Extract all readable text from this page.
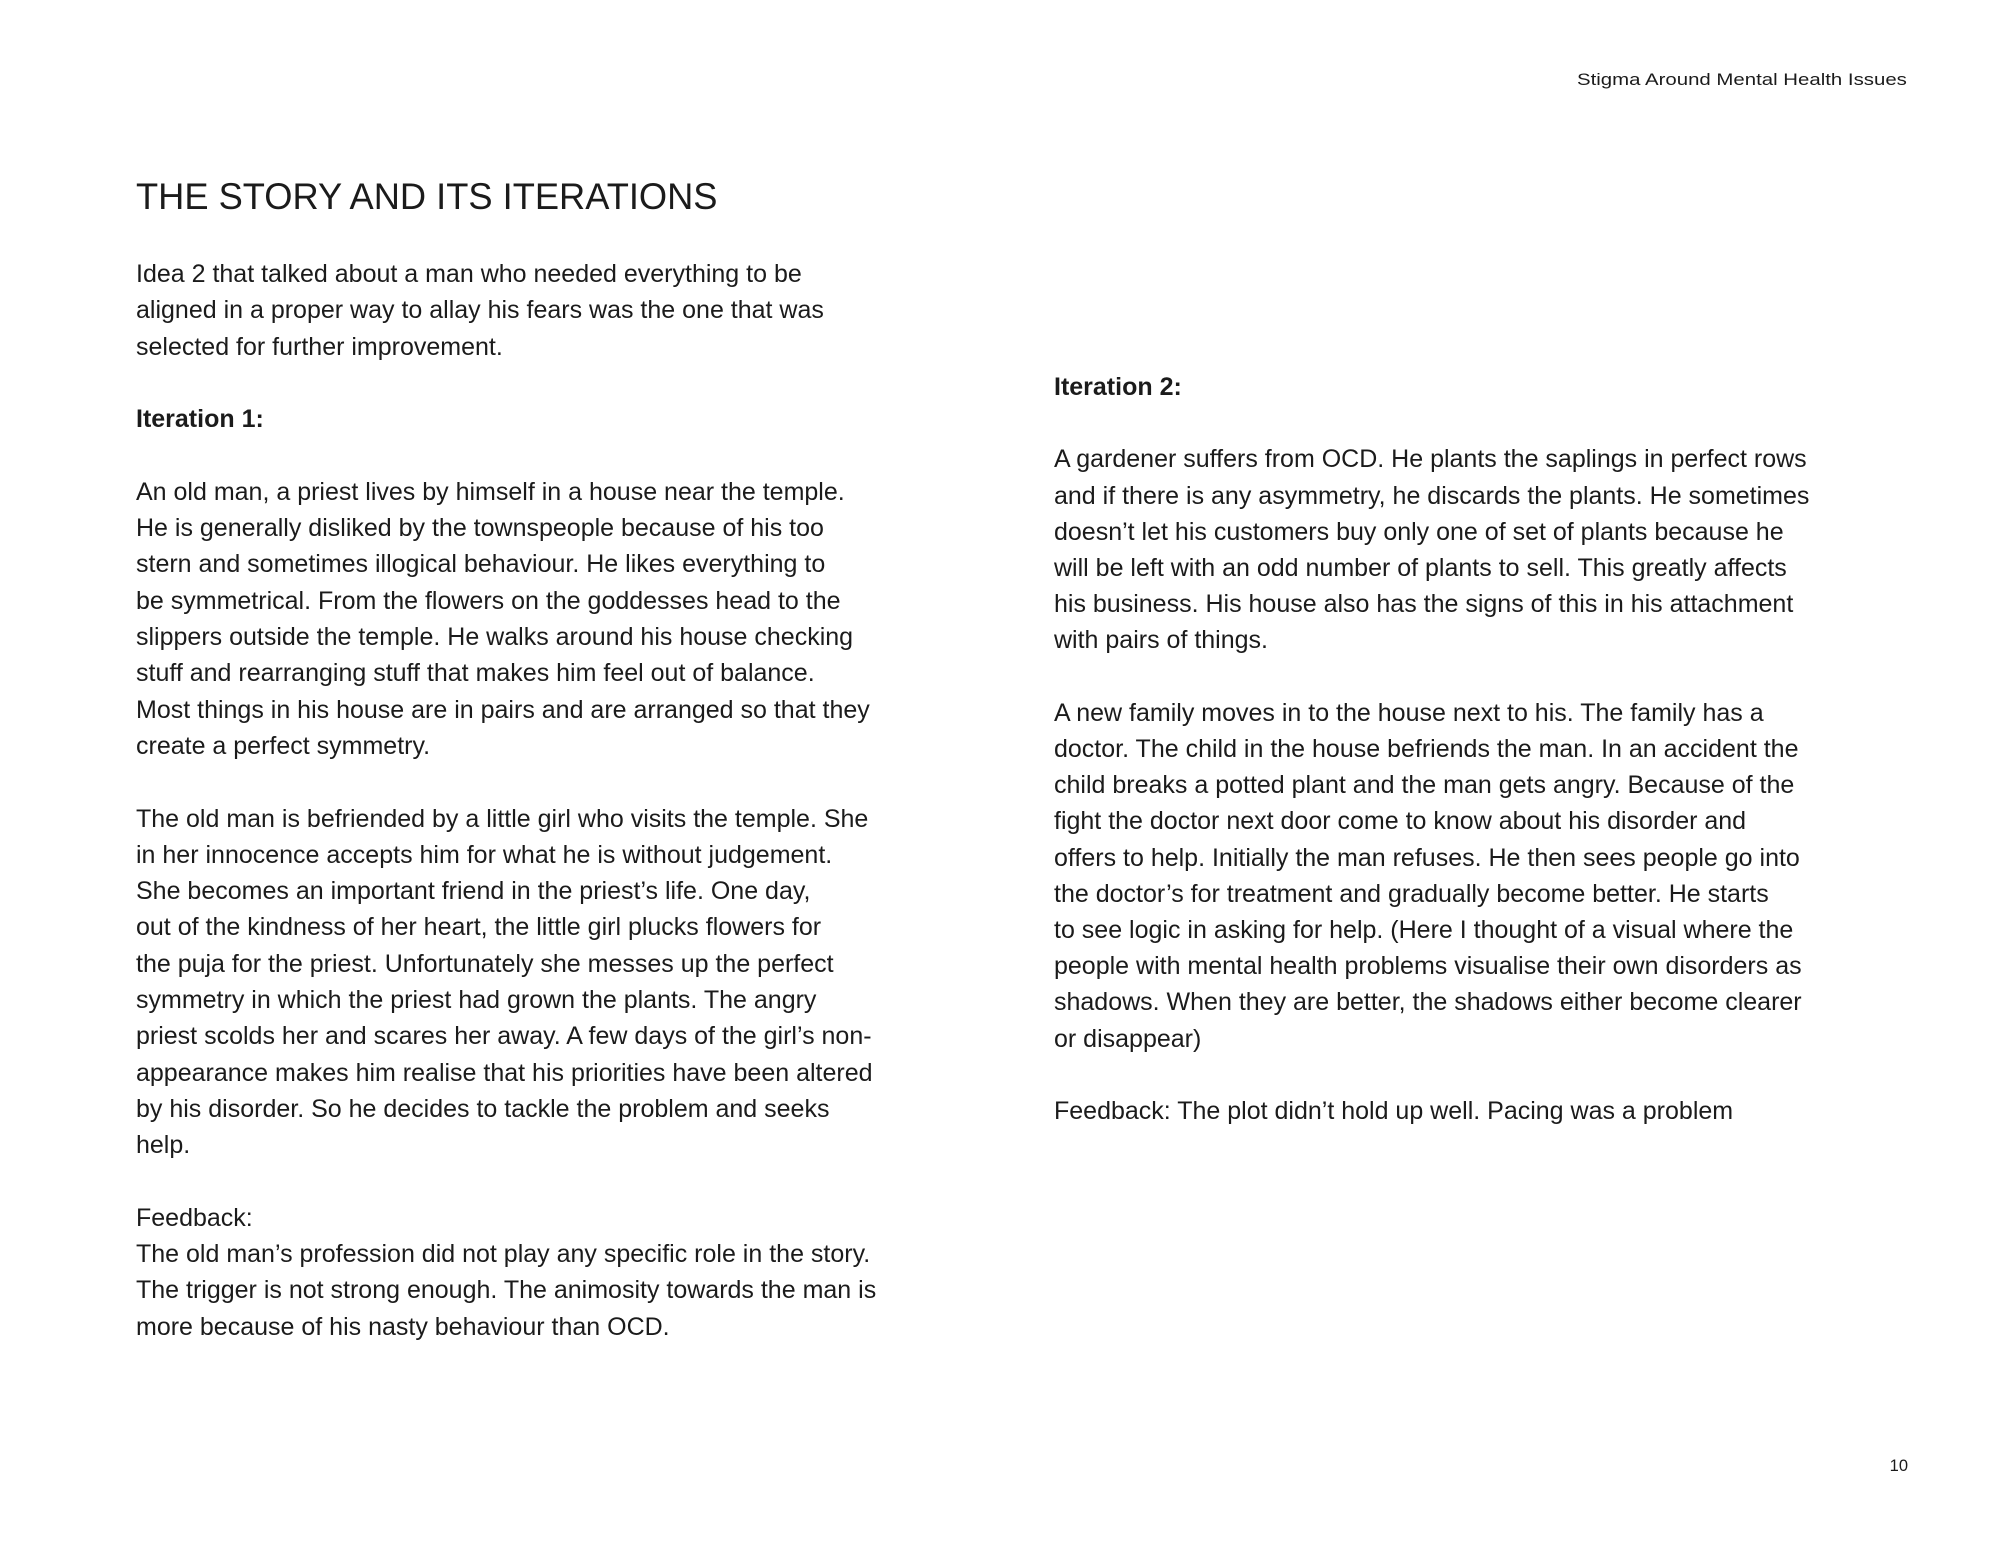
Stigma Around Mental Health Issues
THE STORY AND ITS ITERATIONS
Idea 2 that talked about a man who needed everything to be
aligned in a proper way to allay his fears was the one that was
selected for further improvement.
Iteration 1:
An old man, a priest lives by himself in a house near the temple.
He is generally disliked by the townspeople because of his too
stern and sometimes illogical behaviour. He likes everything to
be symmetrical. From the flowers on the goddesses head to the
slippers outside the temple. He walks around his house checking
stuff and rearranging stuff that makes him feel out of balance.
Most things in his house are in pairs and are arranged so that they
create a perfect symmetry.
The old man is befriended by a little girl who visits the temple. She
in her innocence accepts him for what he is without judgement.
She becomes an important friend in the priest’s life. One day,
out of the kindness of her heart, the little girl plucks flowers for
the puja for the priest. Unfortunately she messes up the perfect
symmetry in which the priest had grown the plants. The angry
priest scolds her and scares her away. A few days of the girl’s non-
appearance makes him realise that his priorities have been altered
by his disorder. So he decides to tackle the problem and seeks
help.
Feedback:
The old man’s profession did not play any specific role in the story.
The trigger is not strong enough. The animosity towards the man is
more because of his nasty behaviour than OCD.
Iteration 2:
A gardener suffers from OCD. He plants the saplings in perfect rows
and if there is any asymmetry, he discards the plants. He sometimes
doesn’t let his customers buy only one of set of plants because he
will be left with an odd number of plants to sell. This greatly affects
his business. His house also has the signs of this in his attachment
with pairs of things.
A new family moves in to the house next to his. The family has a
doctor. The child in the house befriends the man. In an accident the
child breaks a potted plant and the man gets angry. Because of the
fight the doctor next door come to know about his disorder and
offers to help. Initially the man refuses. He then sees people go into
the doctor’s for treatment and gradually become better. He starts
to see logic in asking for help. (Here I thought of a visual where the
people with mental health problems visualise their own disorders as
shadows. When they are better, the shadows either become clearer
or disappear)
Feedback: The plot didn’t hold up well. Pacing was a problem
10
